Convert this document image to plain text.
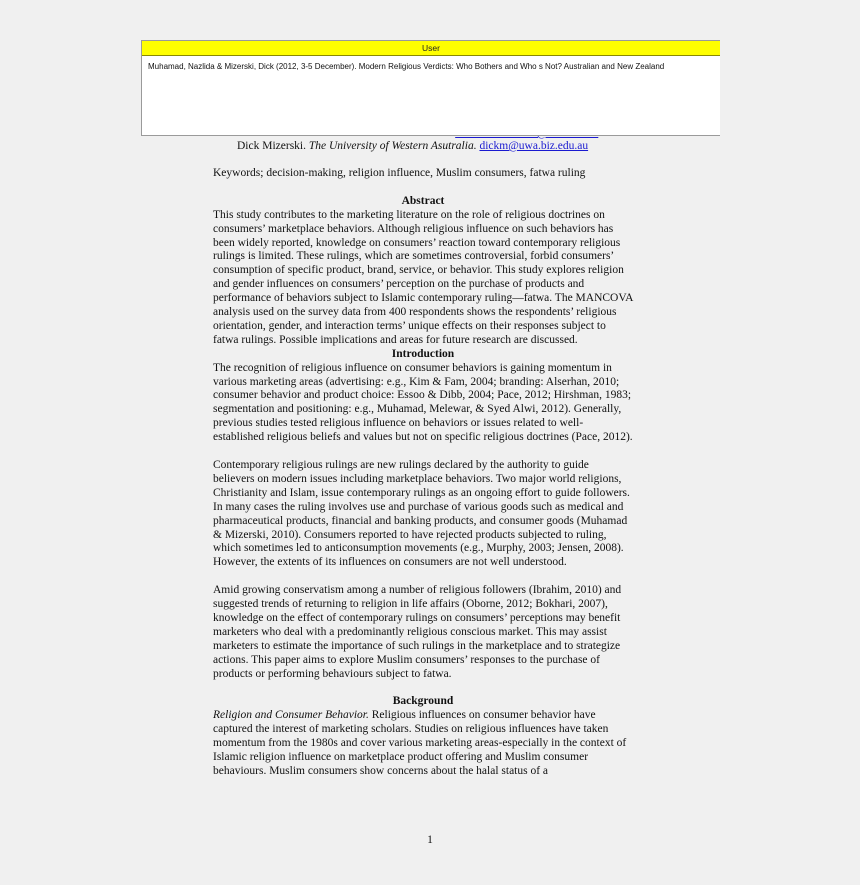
Dick Mizerski. The University of Western Asutralia. dickm@uwa.biz.edu.au

Keywords; decision-making, religion influence, Muslim consumers, fatwa ruling

Abstract

This study contributes to the marketing literature on the role of religious doctrines on consumers’ marketplace behaviors. Although religious influence on such behaviors has been widely reported, knowledge on consumers’ reaction toward contemporary religious rulings is limited. These rulings, which are sometimes controversial, forbid consumers’ consumption of specific product, brand, service, or behavior. This study explores religion and gender influences on consumers’ perception on the purchase of products and performance of behaviors subject to Islamic contemporary ruling—fatwa. The MANCOVA analysis used on the survey data from 400 respondents shows the respondents’ religious orientation, gender, and interaction terms’ unique effects on their responses subject to fatwa rulings. Possible implications and areas for future research are discussed.

Introduction

The recognition of religious influence on consumer behaviors is gaining momentum in various marketing areas (advertising: e.g., Kim & Fam, 2004; branding: Alserhan, 2010; consumer behavior and product choice: Essoo & Dibb, 2004; Pace, 2012; Hirshman, 1983; segmentation and positioning: e.g., Muhamad, Melewar, & Syed Alwi, 2012). Generally, previous studies tested religious influence on behaviors or issues related to well-established religious beliefs and values but not on specific religious doctrines (Pace, 2012).

Contemporary religious rulings are new rulings declared by the authority to guide believers on modern issues including marketplace behaviors. Two major world religions, Christianity and Islam, issue contemporary rulings as an ongoing effort to guide followers. In many cases the ruling involves use and purchase of various goods such as medical and pharmaceutical products, financial and banking products, and consumer goods (Muhamad & Mizerski, 2010). Consumers reported to have rejected products subjected to ruling, which sometimes led to anticonsumption movements (e.g., Murphy, 2003; Jensen, 2008). However, the extents of its influences on consumers are not well understood.

Amid growing conservatism among a number of religious followers (Ibrahim, 2010) and suggested trends of returning to religion in life affairs (Oborne, 2012; Bokhari, 2007), knowledge on the effect of contemporary rulings on consumers’ perceptions may benefit marketers who deal with a predominantly religious conscious market. This may assist marketers to estimate the importance of such rulings in the marketplace and to strategize actions. This paper aims to explore Muslim consumers’ responses to the purchase of products or performing behaviours subject to fatwa.

Background

Religion and Consumer Behavior. Religious influences on consumer behavior have captured the interest of marketing scholars. Studies on religious influences have taken momentum from the 1980s and cover various marketing areas-especially in the context of Islamic religion influence on marketplace product offering and Muslim consumer behaviours. Muslim consumers show concerns about the halal status of a

1
User
Muhamad, Nazlida & Mizerski, Dick (2012, 3-5 December). Modern Religious Verdicts: Who Bothers and Who s Not? Australian and New Zealand
